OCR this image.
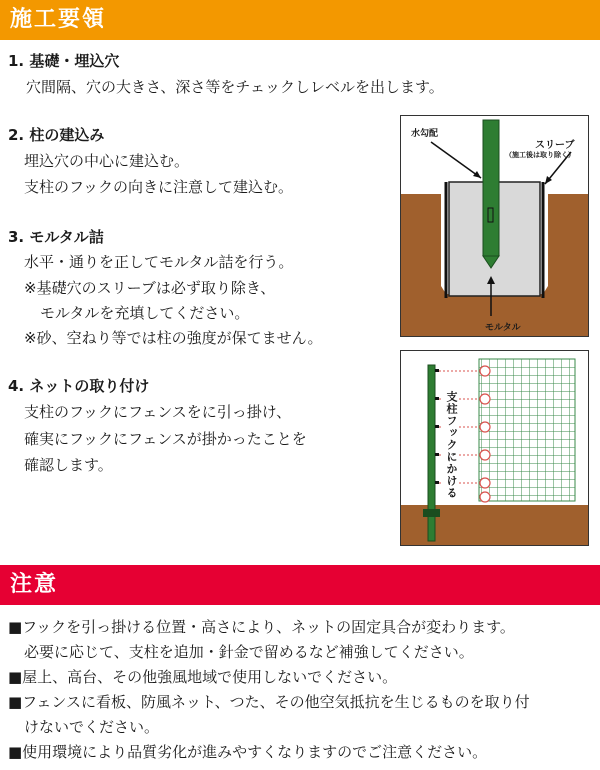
施工要領
1. 基礎・埋込穴
穴間隔、穴の大きさ、深さ等をチェックしレベルを出します。
2. 柱の建込み
埋込穴の中心に建込む。
支柱のフックの向きに注意して建込む。
3. モルタル詰
水平・通りを正してモルタル詰を行う。
※基礎穴のスリーブは必ず取り除き、
モルタルを充填してください。
※砂、空ねり等では柱の強度が保てません。
4. ネットの取り付け
支柱のフックにフェンスをに引っ掛け、
確実にフックにフェンスが掛かったことを
確認します。
水勾配
スリーブ
（施工後は取り除く）
モルタル
支柱フックにかける
注意
■フックを引っ掛ける位置・高さにより、ネットの固定具合が変わります。
必要に応じて、支柱を追加・針金で留めるなど補強してください。
■屋上、高台、その他強風地域で使用しないでください。
■フェンスに看板、防風ネット、つた、その他空気抵抗を生じるものを取り付
けないでください。
■使用環境により品質劣化が進みやすくなりますのでご注意ください。
